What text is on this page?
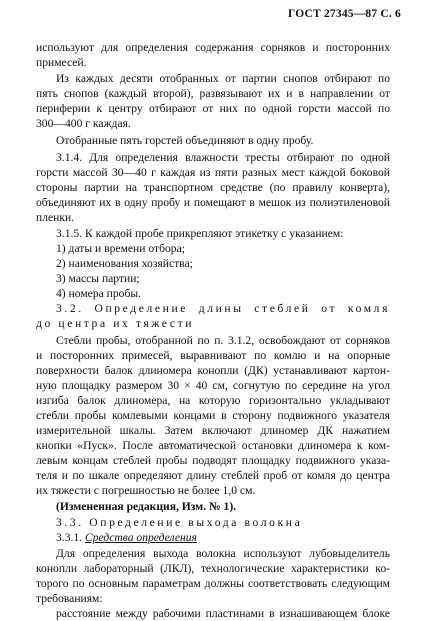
ГОСТ 27345—87 С. 6
используют для определения содержания сорняков и посторонних
примесей.
Из каждых десяти отобранных от партии снопов отбирают по
пять снопов (каждый второй), развязывают их и в направлении от
периферии к центру отбирают от них по одной горсти массой по
300—400 г каждая.
Отобранные пять горстей объединяют в одну пробу.
3.1.4. Для определения влажности тресты отбирают по одной
горсти массой 30—40 г каждая из пяти разных мест каждой боковой
стороны партии на транспортном средстве (по правилу конверта),
объединяют их в одну пробу и помещают в мешок из полиэтиленовой
пленки.
3.1.5. К каждой пробе прикрепляют этикетку с указанием:
1) даты и времени отбора;
2) наименования хозяйства;
3) массы партии;
4) номера пробы.
3.2. Определение длины стеблей от комля
до центра их тяжести
Стебли пробы, отобранной по п. 3.1.2, освобождают от сорняков
и посторонних примесей, выравнивают по комлю и на опорные
поверхности балок длиномера конопли (ДК) устанавливают картон-
ную площадку размером 30 × 40 см, согнутую по середине на угол
изгиба балок длиномера, на которую горизонтально укладывают
стебли пробы комлевыми концами в сторону подвижного указателя
измерительной шкалы. Затем включают длиномер ДК нажатием
кнопки «Пуск». После автоматической остановки длиномера к ком-
левым концам стеблей пробы подводят площадку подвижного указа-
теля и по шкале определяют длину стеблей проб от комля до центра
их тяжести с погрешностью не более 1,0 см.
(Измененная редакция, Изм. № 1).
3.3. Определение выхода волокна
3.3.1. Средства определения
Для определения выхода волокна используют лубовыделитель
конопли лабораторный (ЛКЛ), технологические характеристики ко-
торого по основным параметрам должны соответствовать следующим
требованиям:
расстояние между рабочими пластинами в изнашивающем блоке
